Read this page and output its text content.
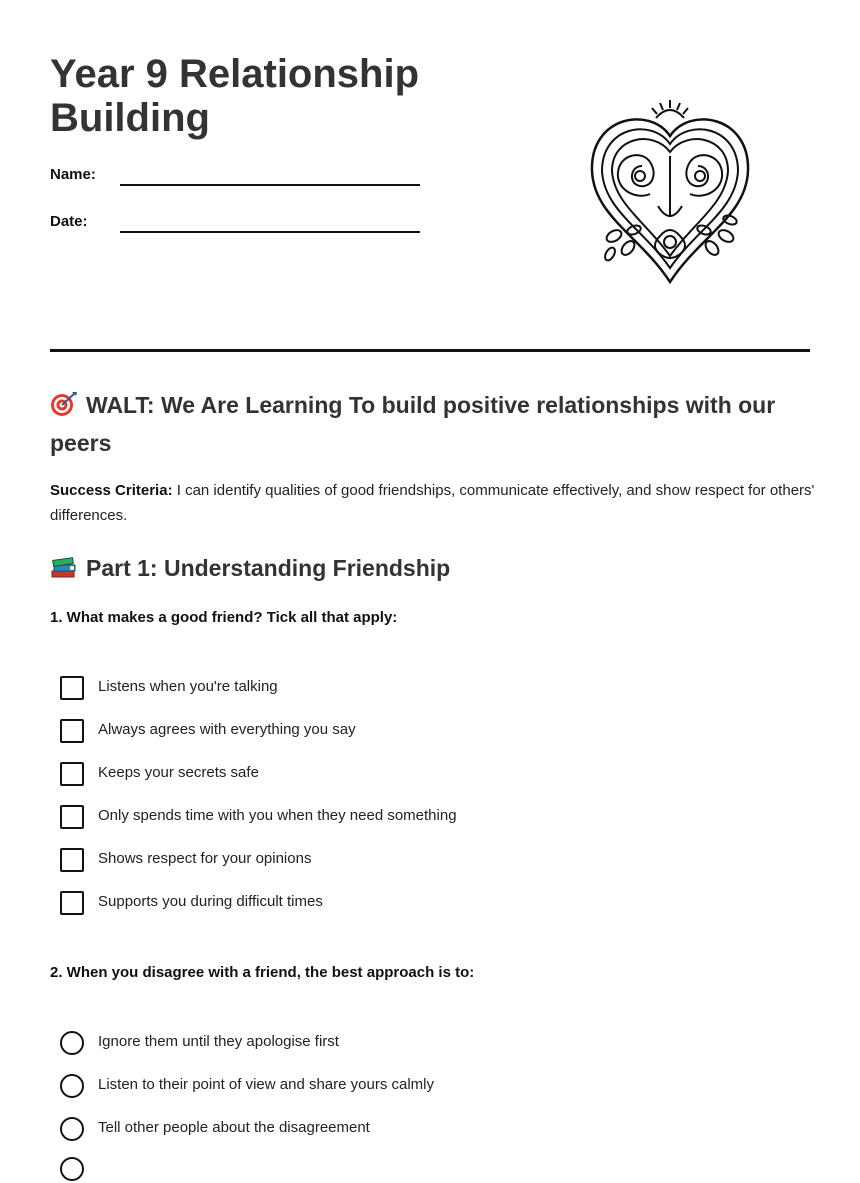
Year 9 Relationship
Building
Name:
Date:
WALT: We Are Learning To build positive relationships with our peers
Success Criteria: I can identify qualities of good friendships, communicate effectively, and show respect for others' differences.
Part 1: Understanding Friendship
1. What makes a good friend? Tick all that apply:
Listens when you're talking
Always agrees with everything you say
Keeps your secrets safe
Only spends time with you when they need something
Shows respect for your opinions
Supports you during difficult times
2. When you disagree with a friend, the best approach is to:
Ignore them until they apologise first
Listen to their point of view and share yours calmly
Tell other people about the disagreement
